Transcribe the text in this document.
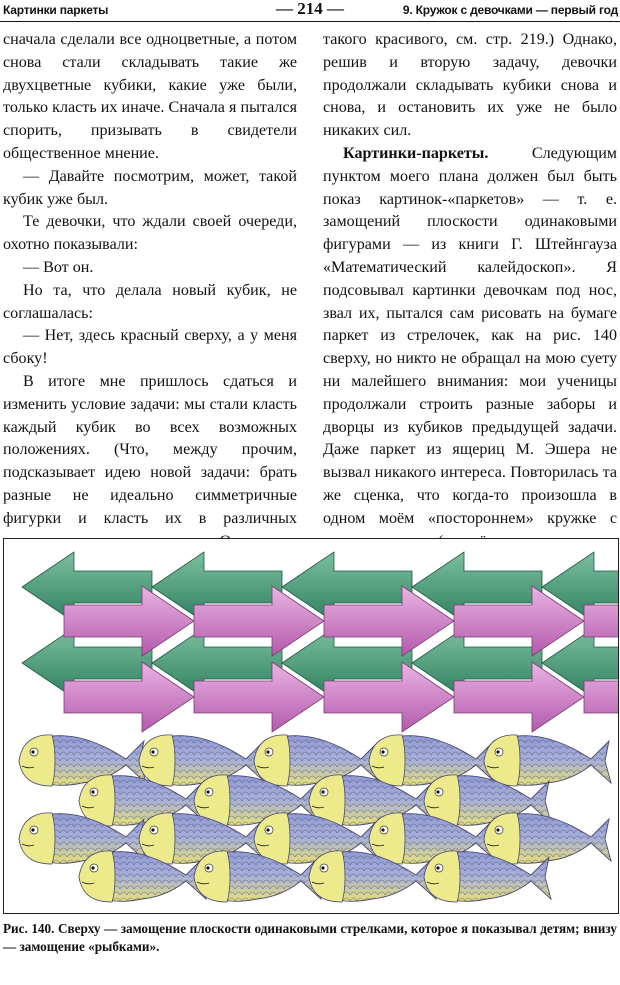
Картинки паркеты	— 214 —	9. Кружок с девочками — первый год

сначала сделали все одноцветные, а потом снова стали складывать такие же двухцветные кубики, какие уже были, только класть их иначе. Сначала я пытался спорить, призывать в свидетели общественное мнение.

— Давайте посмотрим, может, такой кубик уже был.

Те девочки, что ждали своей очереди, охотно показывали:

— Вот он.

Но та, что делала новый кубик, не соглашалась:

— Нет, здесь красный сверху, а у меня сбоку!

В итоге мне пришлось сдаться и изменить условие задачи: мы стали класть каждый кубик во всех возможных положениях. (Что, между прочим, подсказывает идею новой задачи: брать разные не идеально симметричные фигурки и класть их в различных

такого красивого, см. стр. 219.) Однако, решив и вторую задачу, девочки продолжали складывать кубики снова и снова, и остановить их уже не было никаких сил.

Картинки-паркеты.	Следующим пунктом моего плана должен был быть показ картинок-«паркетов» — т. е. замощений плоскости одинаковыми фигурами — из книги Г. Штейнгауза «Математический калейдоскоп». Я подсовывал картинки девочкам под нос, звал их, пытался сам рисовать на бумаге паркет из стрелочек, как на рис. 140 сверху, но никто не обращал на мою суету ни малейшего внимания: мои ученицы продолжали строить разные заборы и дворцы из кубиков предыдущей задачи. Даже паркет из ящериц М. Эшера не вызвал никакого интереса. Повторилась та же сценка, что когда-то произошла в одном моём «постороннем» кружке с

Рис. 140. Сверху — замощение плоскости одинаковыми стрелками, которое я показывал детям; внизу — замощение «рыбками».
